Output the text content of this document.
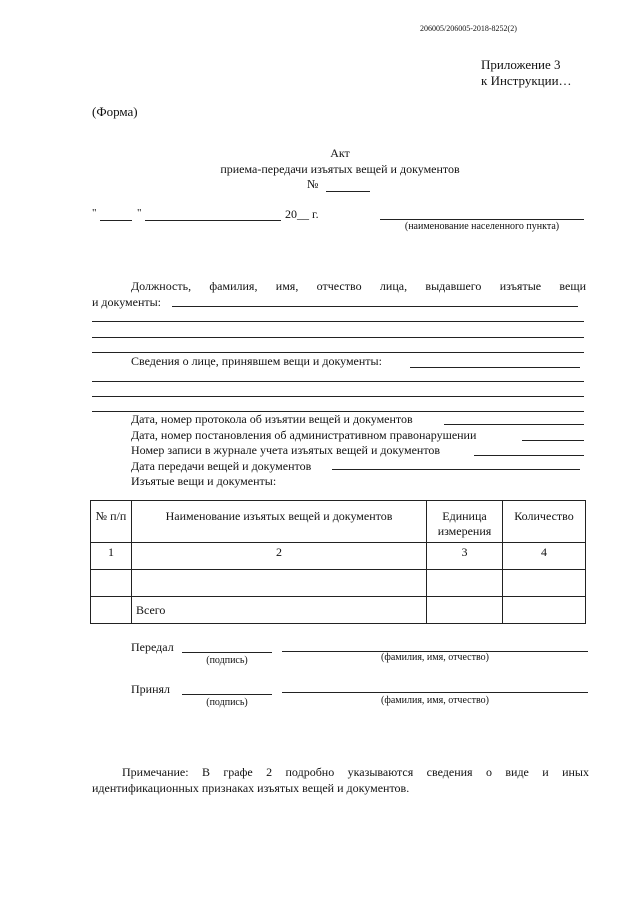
206005/206005-2018-8252(2)
Приложение 3
к Инструкции…
(Форма)
Акт
приема-передачи изъятых вещей и документов
№
"	"	20__ г.
(наименование населенного пункта)
Должность, фамилия, имя, отчество лица, выдавшего изъятые вещи
и документы:
Сведения о лице, принявшем вещи и документы:
Дата, номер протокола об изъятии вещей и документов
Дата, номер постановления об административном правонарушении
Номер записи в журнале учета изъятых вещей и документов
Дата передачи вещей и документов
Изъятые вещи и документы:
№ п/п	Наименование изъятых вещей и документов	Единица измерения	Количество
1	2	3	4

	Всего		
Передал
(подпись)	(фамилия, имя, отчество)
Принял
(подпись)	(фамилия, имя, отчество)
Примечание: В графе 2 подробно указываются сведения о виде и иных
идентификационных признаках изъятых вещей и документов.
